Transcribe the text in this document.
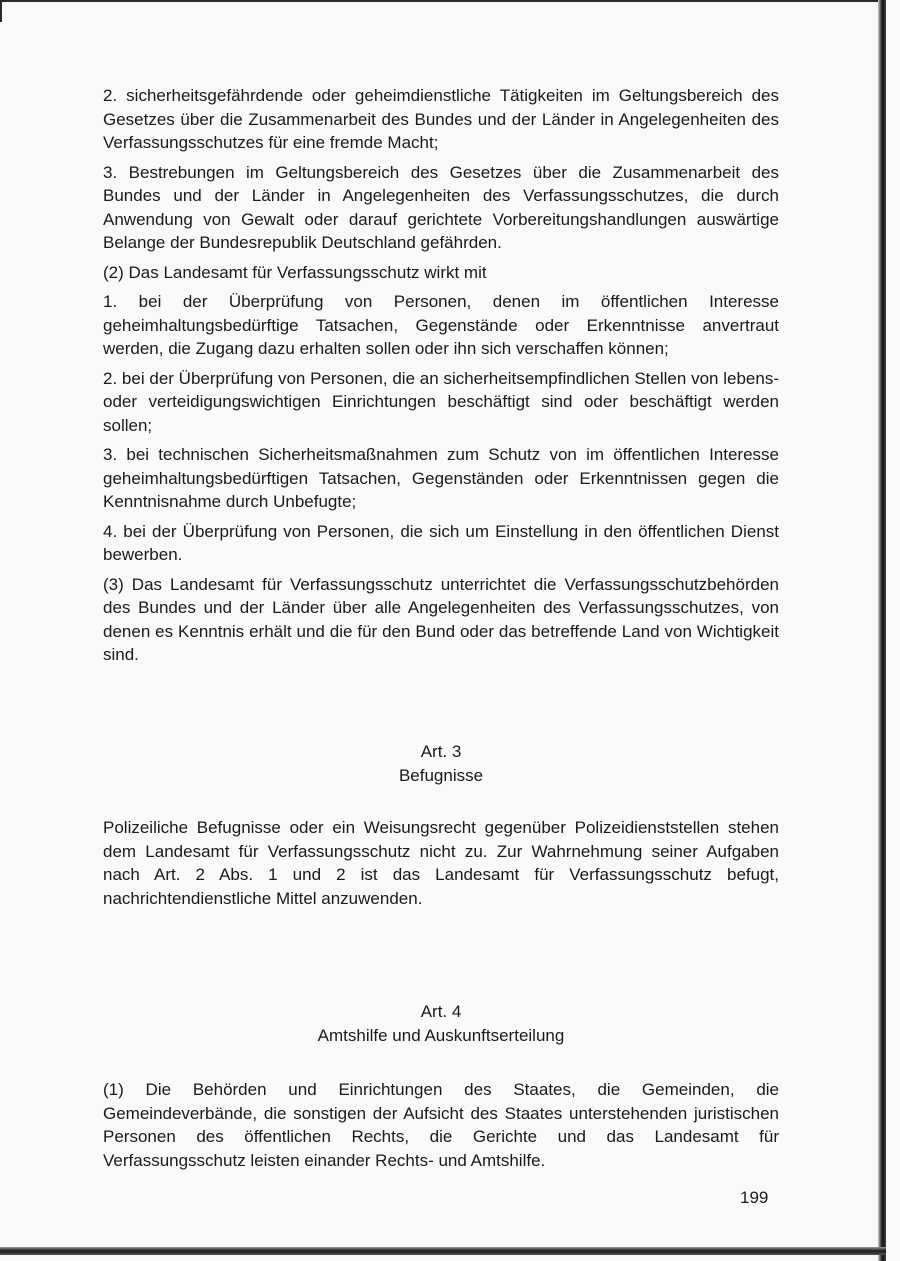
2. sicherheitsgefährdende oder geheimdienstliche Tätigkeiten im Geltungsbereich des Gesetzes über die Zusammenarbeit des Bundes und der Länder in Angelegenheiten des Verfassungsschutzes für eine fremde Macht;

3. Bestrebungen im Geltungsbereich des Gesetzes über die Zusammenarbeit des Bundes und der Länder in Angelegenheiten des Verfassungsschutzes, die durch Anwendung von Gewalt oder darauf gerichtete Vorbereitungshandlungen auswärtige Belange der Bundesrepublik Deutschland gefährden.

(2) Das Landesamt für Verfassungsschutz wirkt mit

1. bei der Überprüfung von Personen, denen im öffentlichen Interesse geheimhaltungsbedürftige Tatsachen, Gegenstände oder Erkenntnisse anvertraut werden, die Zugang dazu erhalten sollen oder ihn sich verschaffen können;

2. bei der Überprüfung von Personen, die an sicherheitsempfindlichen Stellen von lebens- oder verteidigungswichtigen Einrichtungen beschäftigt sind oder beschäftigt werden sollen;

3. bei technischen Sicherheitsmaßnahmen zum Schutz von im öffentlichen Interesse geheimhaltungsbedürftigen Tatsachen, Gegenständen oder Erkenntnissen gegen die Kenntnisnahme durch Unbefugte;

4. bei der Überprüfung von Personen, die sich um Einstellung in den öffentlichen Dienst bewerben.

(3) Das Landesamt für Verfassungsschutz unterrichtet die Verfassungsschutzbehörden des Bundes und der Länder über alle Angelegenheiten des Verfassungsschutzes, von denen es Kenntnis erhält und die für den Bund oder das betreffende Land von Wichtigkeit sind.

Art. 3

Befugnisse

Polizeiliche Befugnisse oder ein Weisungsrecht gegenüber Polizeidienststellen stehen dem Landesamt für Verfassungsschutz nicht zu. Zur Wahrnehmung seiner Aufgaben nach Art. 2 Abs. 1 und 2 ist das Landesamt für Verfassungsschutz befugt, nachrichtendienstliche Mittel anzuwenden.

Art. 4

Amtshilfe und Auskunftserteilung

(1) Die Behörden und Einrichtungen des Staates, die Gemeinden, die Gemeindeverbände, die sonstigen der Aufsicht des Staates unterstehenden juristischen Personen des öffentlichen Rechts, die Gerichte und das Landesamt für Verfassungsschutz leisten einander Rechts- und Amtshilfe.

199
